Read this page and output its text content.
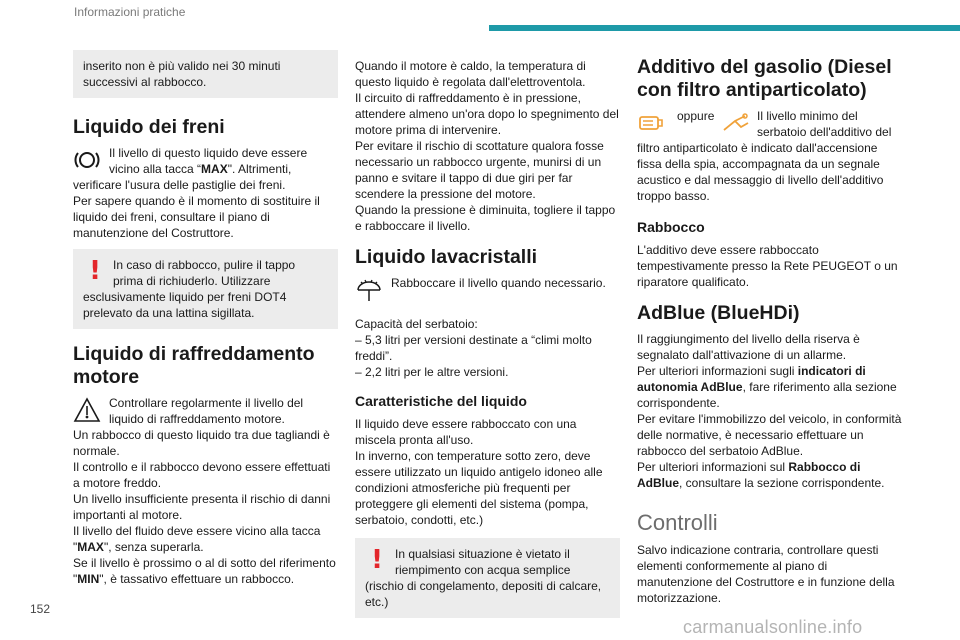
Informazioni pratiche

inserito non è più valido nei 30 minuti successivi al rabbocco.

Liquido dei freni

Il livello di questo liquido deve essere vicino alla tacca “MAX". Altrimenti, verificare l'usura delle pastiglie dei freni.

Per sapere quando è il momento di sostituire il liquido dei freni, consultare il piano di manutenzione del Costruttore.

!	In caso di rabbocco, pulire il tappo prima di richiuderlo. Utilizzare esclusivamente liquido per freni DOT4 prelevato da una lattina sigillata.

Liquido di raffreddamento motore

Controllare regolarmente il livello del liquido di raffreddamento motore.

Un rabbocco di questo liquido tra due tagliandi è normale.

Il controllo e il rabbocco devono essere effettuati a motore freddo.

Un livello insufficiente presenta il rischio di danni importanti al motore.

Il livello del fluido deve essere vicino alla tacca "MAX", senza superarla.

Se il livello è prossimo o al di sotto del riferimento "MIN", è tassativo effettuare un rabbocco.

Quando il motore è caldo, la temperatura di questo liquido è regolata dall'elettroventola.

Il circuito di raffreddamento è in pressione, attendere almeno un'ora dopo lo spegnimento del motore prima di intervenire.

Per evitare il rischio di scottature qualora fosse necessario un rabbocco urgente, munirsi di un panno e svitare il tappo di due giri per far scendere la pressione del motore.

Quando la pressione è diminuita, togliere il tappo e rabboccare il livello.

Liquido lavacristalli

Rabboccare il livello quando necessario.

Capacità del serbatoio:

– 5,3 litri per versioni destinate a “climi molto freddi”.

– 2,2 litri per le altre versioni.

Caratteristiche del liquido

Il liquido deve essere rabboccato con una miscela pronta all'uso.

In inverno, con temperature sotto zero, deve essere utilizzato un liquido antigelo idoneo alle condizioni atmosferiche più frequenti per proteggere gli elementi del sistema (pompa, serbatoio, condotti, etc.)

!	In qualsiasi situazione è vietato il riempimento con acqua semplice (rischio di congelamento, depositi di calcare, etc.)

Additivo del gasolio (Diesel con filtro antiparticolato)
oppure	Il livello minimo del serbatoio dell'additivo del filtro antiparticolato è indicato dall'accensione fissa della spia, accompagnata da un segnale acustico e dal messaggio di livello dell'additivo troppo basso.

Rabbocco

L'additivo deve essere rabboccato tempestivamente presso la Rete PEUGEOT o un riparatore qualificato.

AdBlue (BlueHDi)

Il raggiungimento del livello della riserva è segnalato dall'attivazione di un allarme.

Per ulteriori informazioni sugli indicatori di autonomia AdBlue, fare riferimento alla sezione corrispondente.

Per evitare l'immobilizzo del veicolo, in conformità delle normative, è necessario effettuare un rabbocco del serbatoio AdBlue.

Per ulteriori informazioni sul Rabbocco di AdBlue, consultare la sezione corrispondente.

Controlli

Salvo indicazione contraria, controllare questi elementi conformemente al piano di manutenzione del Costruttore e in funzione della motorizzazione.

152
carmanualsonline.info
